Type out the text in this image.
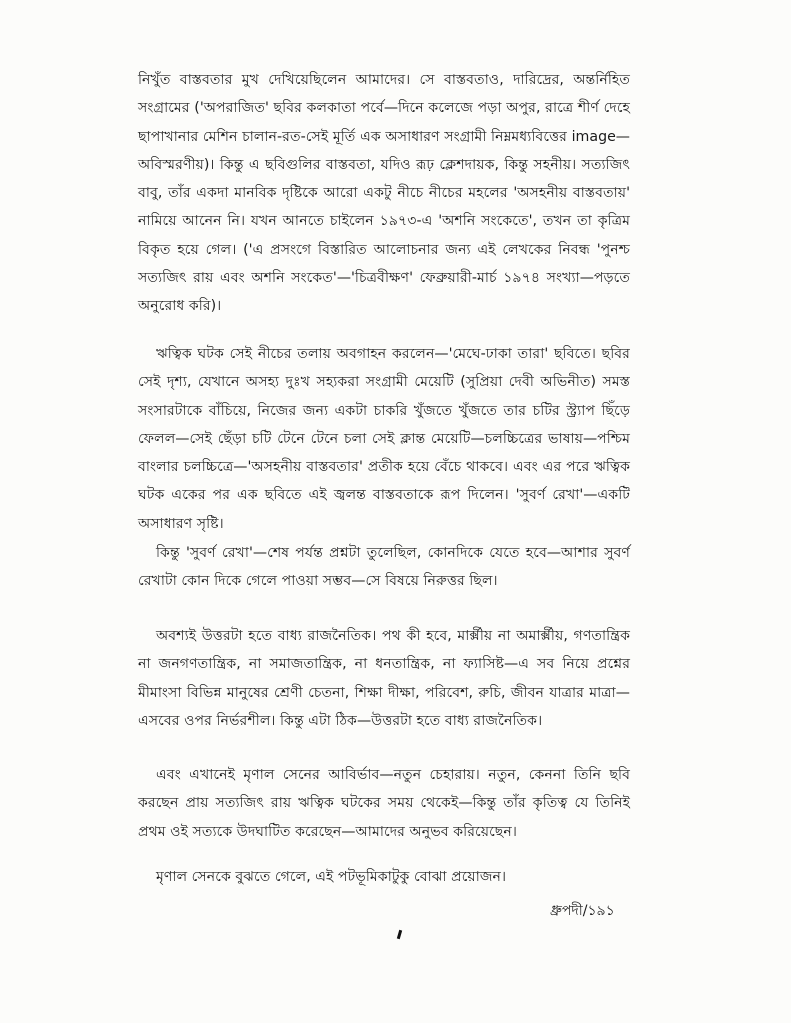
নিখুঁত বাস্তবতার মুখ দেখিয়েছিলেন আমাদের। সে বাস্তবতাও, দারিদ্রের, অন্তর্নিহিত সংগ্রামের ('অপরাজিত' ছবির কলকাতা পর্বে—দিনে কলেজে পড়া অপুর, রাত্রে শীর্ণ দেহে ছাপাখানার মেশিন চালান-রত-সেই মূর্তি এক অসাধারণ সংগ্রামী নিম্নমধ্যবিত্তের image—অবিস্মরণীয়)। কিন্তু এ ছবিগুলির বাস্তবতা, যদিও রূঢ় ক্লেশদায়ক, কিন্তু সহনীয়। সত্যজিৎ বাবু, তাঁর একদা মানবিক দৃষ্টিকে আরো একটু নীচে নীচের মহলের 'অসহনীয় বাস্তবতায়' নামিয়ে আনেন নি। যখন আনতে চাইলেন ১৯৭৩-এ 'অশনি সংকেতে', তখন তা কৃত্রিম বিকৃত হয়ে গেল। ('এ প্রসংগে বিস্তারিত আলোচনার জন্য এই লেখকের নিবন্ধ 'পুনশ্চ সত্যজিৎ রায় এবং অশনি সংকেত'—'চিত্রবীক্ষণ' ফেব্রুয়ারী-মার্চ ১৯৭৪ সংখ্যা—পড়তে অনুরোধ করি)।

ঋত্বিক ঘটক সেই নীচের তলায় অবগাহন করলেন—'মেঘে-ঢাকা তারা' ছবিতে। ছবির সেই দৃশ্য, যেখানে অসহ্য দুঃখ সহ্যকরা সংগ্রামী মেয়েটি (সুপ্রিয়া দেবী অভিনীত) সমস্ত সংসারটাকে বাঁচিয়ে, নিজের জন্য একটা চাকরি খুঁজতে খুঁজতে তার চটির স্ট্র্যাপ ছিঁড়ে ফেলল—সেই ছেঁড়া চটি টেনে টেনে চলা সেই ক্লান্ত মেয়েটি—চলচ্চিত্রের ভাষায়—পশ্চিম বাংলার চলচ্চিত্রে—'অসহনীয় বাস্তবতার' প্রতীক হয়ে বেঁচে থাকবে। এবং এর পরে ঋত্বিক ঘটক একের পর এক ছবিতে এই জ্বলন্ত বাস্তবতাকে রূপ দিলেন। 'সুবর্ণ রেখা'—একটি অসাধারণ সৃষ্টি।

কিন্তু 'সুবর্ণ রেখা'—শেষ পর্যন্ত প্রশ্নটা তুলেছিল, কোনদিকে যেতে হবে—আশার সুবর্ণ রেখাটা কোন দিকে গেলে পাওয়া সম্ভব—সে বিষয়ে নিরুত্তর ছিল।

অবশ্যই উত্তরটা হতে বাধ্য রাজনৈতিক। পথ কী হবে, মার্ক্সীয় না অমার্ক্সীয়, গণতান্ত্রিক না জনগণতান্ত্রিক, না সমাজতান্ত্রিক, না ধনতান্ত্রিক, না ফ্যাসিষ্ট—এ সব নিয়ে প্রশ্নের মীমাংসা বিভিন্ন মানুষের শ্রেণী চেতনা, শিক্ষা দীক্ষা, পরিবেশ, রুচি, জীবন যাত্রার মাত্রা—এসবের ওপর নির্ভরশীল। কিন্তু এটা ঠিক—উত্তরটা হতে বাধ্য রাজনৈতিক।

এবং এখানেই মৃণাল সেনের আবির্ভাব—নতুন চেহারায়। নতুন, কেননা তিনি ছবি করছেন প্রায় সত্যজিৎ রায় ঋত্বিক ঘটকের সময় থেকেই—কিন্তু তাঁর কৃতিত্ব যে তিনিই প্রথম ওই সত্যকে উদঘাটিত করেছেন—আমাদের অনুভব করিয়েছেন।

মৃণাল সেনকে বুঝতে গেলে, এই পটভূমিকাটুকু বোঝা প্রয়োজন।

ধ্রুপদী/১৯১
